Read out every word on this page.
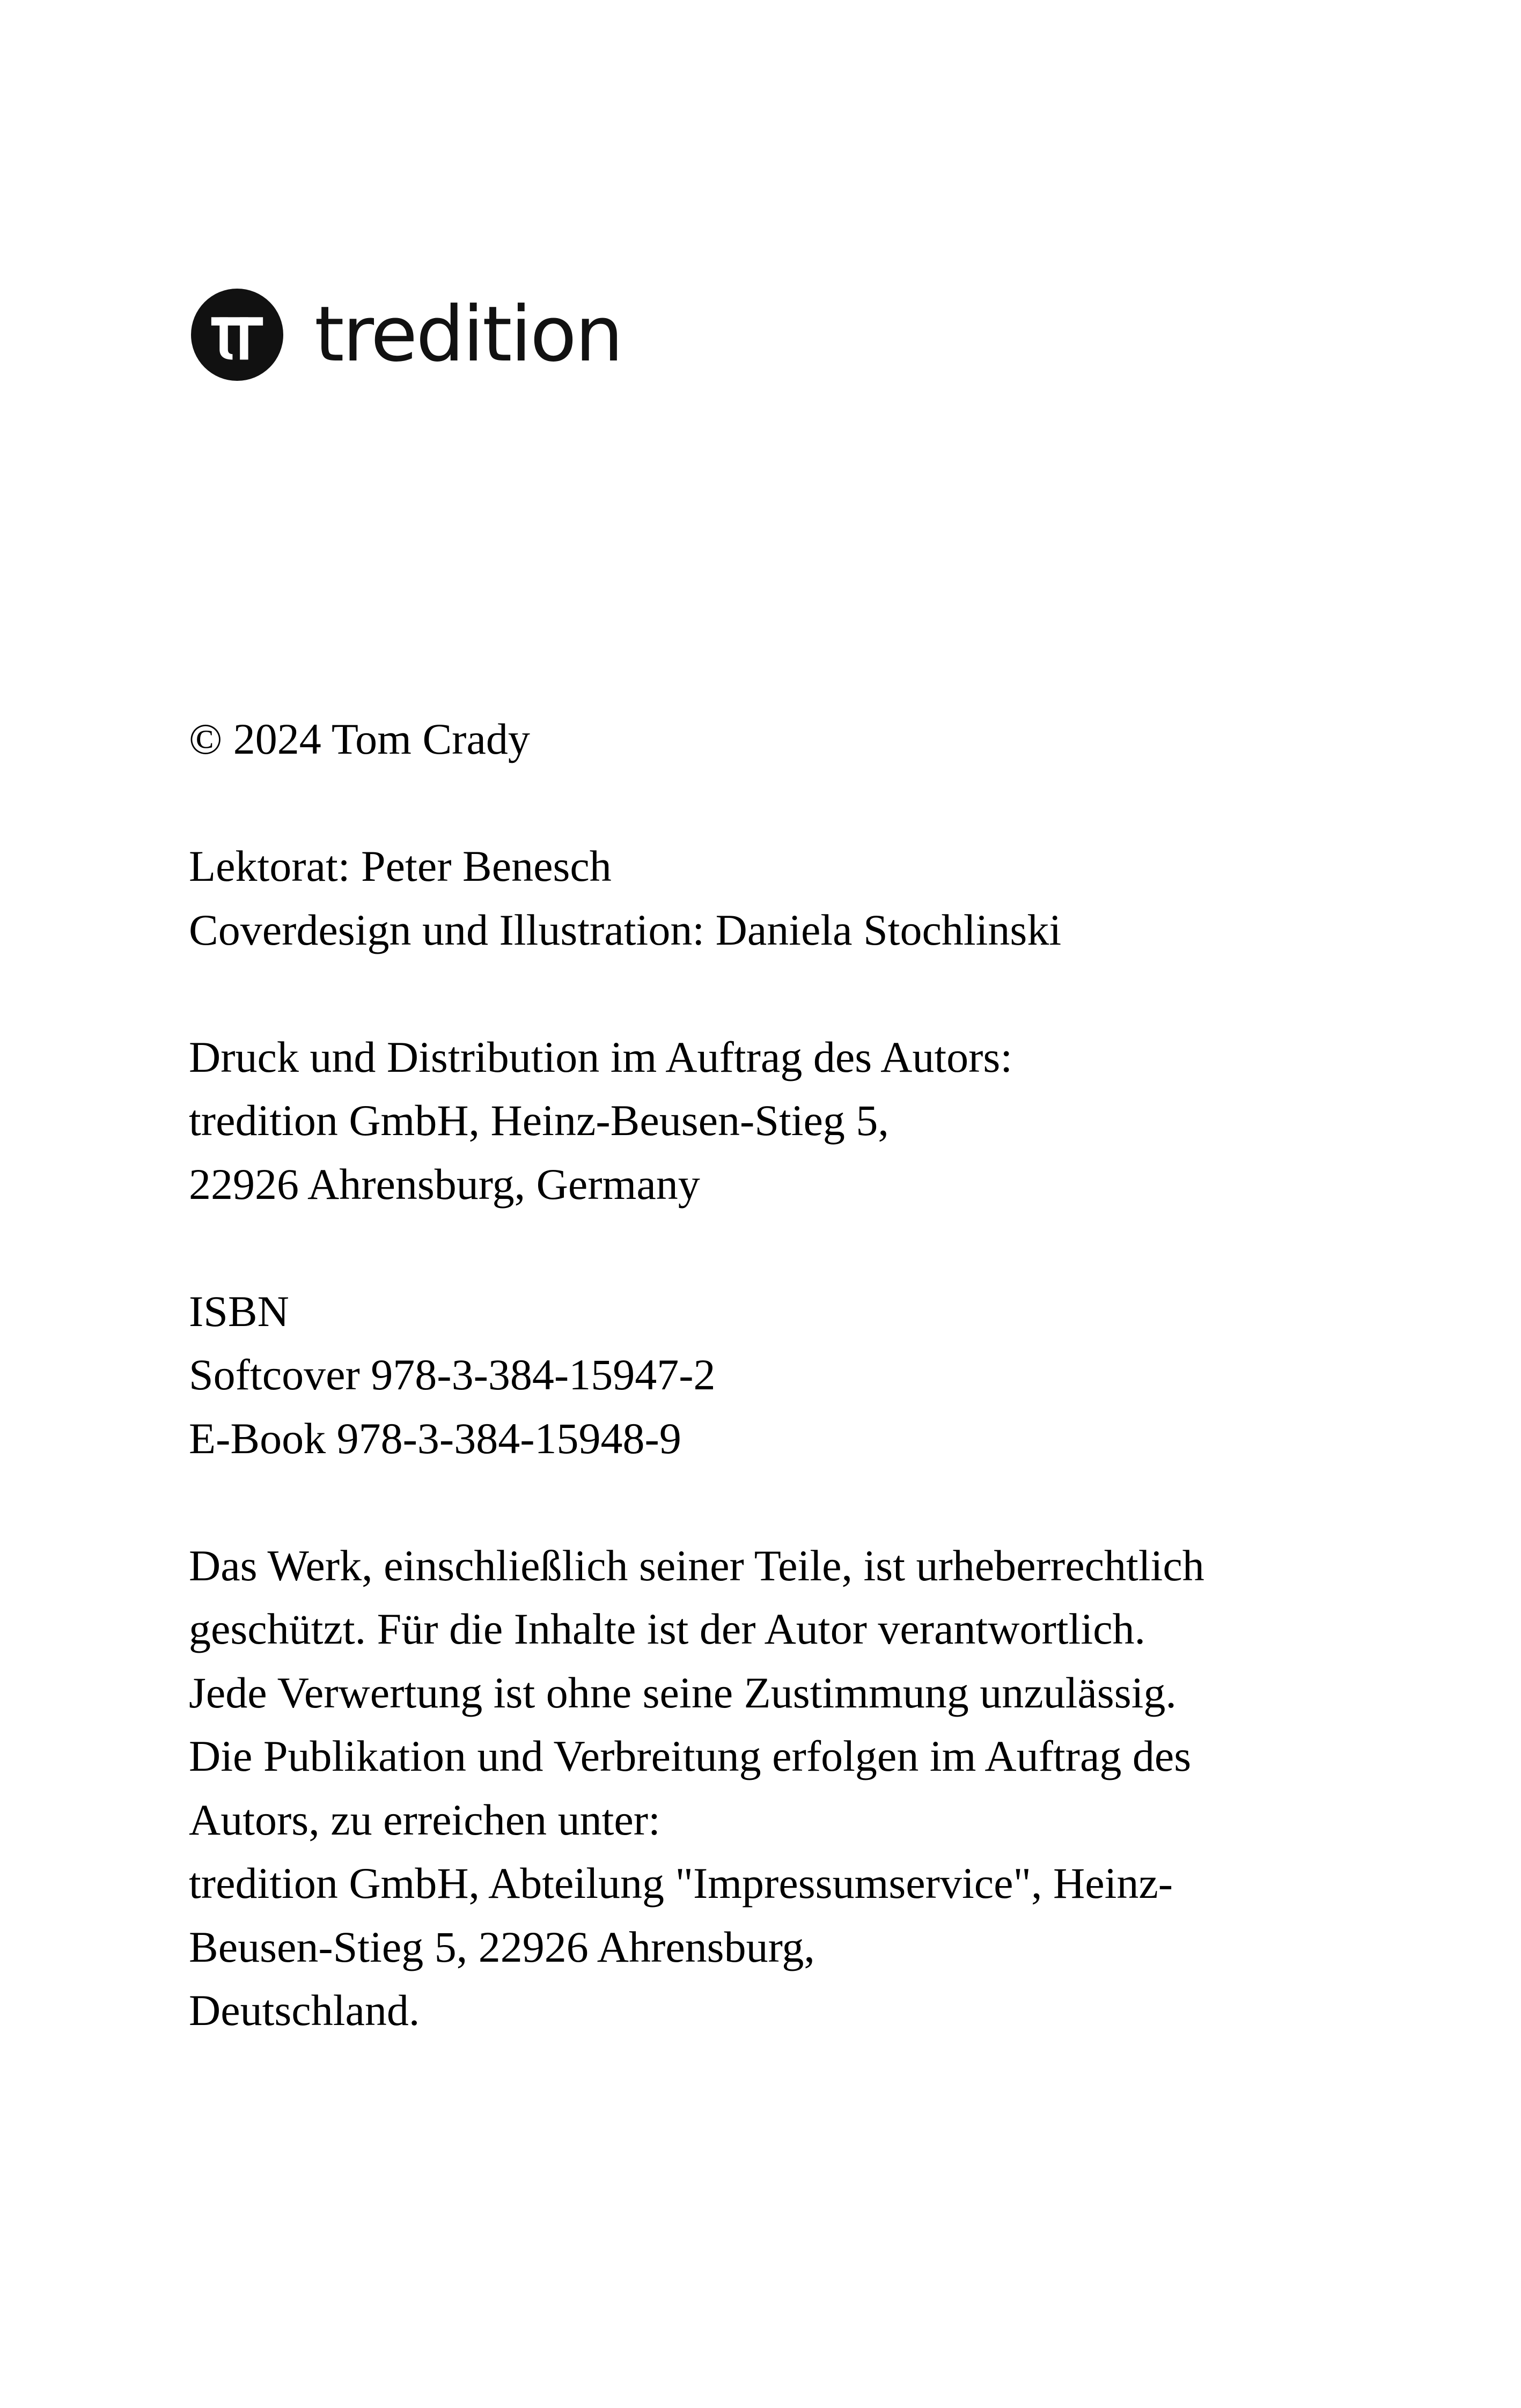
tredition
© 2024 Tom Crady
Lektorat: Peter Benesch
Coverdesign und Illustration: Daniela Stochlinski
Druck und Distribution im Auftrag des Autors:
tredition GmbH, Heinz-Beusen-Stieg 5,
22926 Ahrensburg, Germany
ISBN
Softcover 978-3-384-15947-2
E-Book 978-3-384-15948-9
Das Werk, einschließlich seiner Teile, ist urheberrechtlich
geschützt. Für die Inhalte ist der Autor verantwortlich.
Jede Verwertung ist ohne seine Zustimmung unzulässig.
Die Publikation und Verbreitung erfolgen im Auftrag des
Autors, zu erreichen unter:
tredition GmbH, Abteilung "Impressumservice", Heinz-
Beusen-Stieg 5, 22926 Ahrensburg,
Deutschland.
